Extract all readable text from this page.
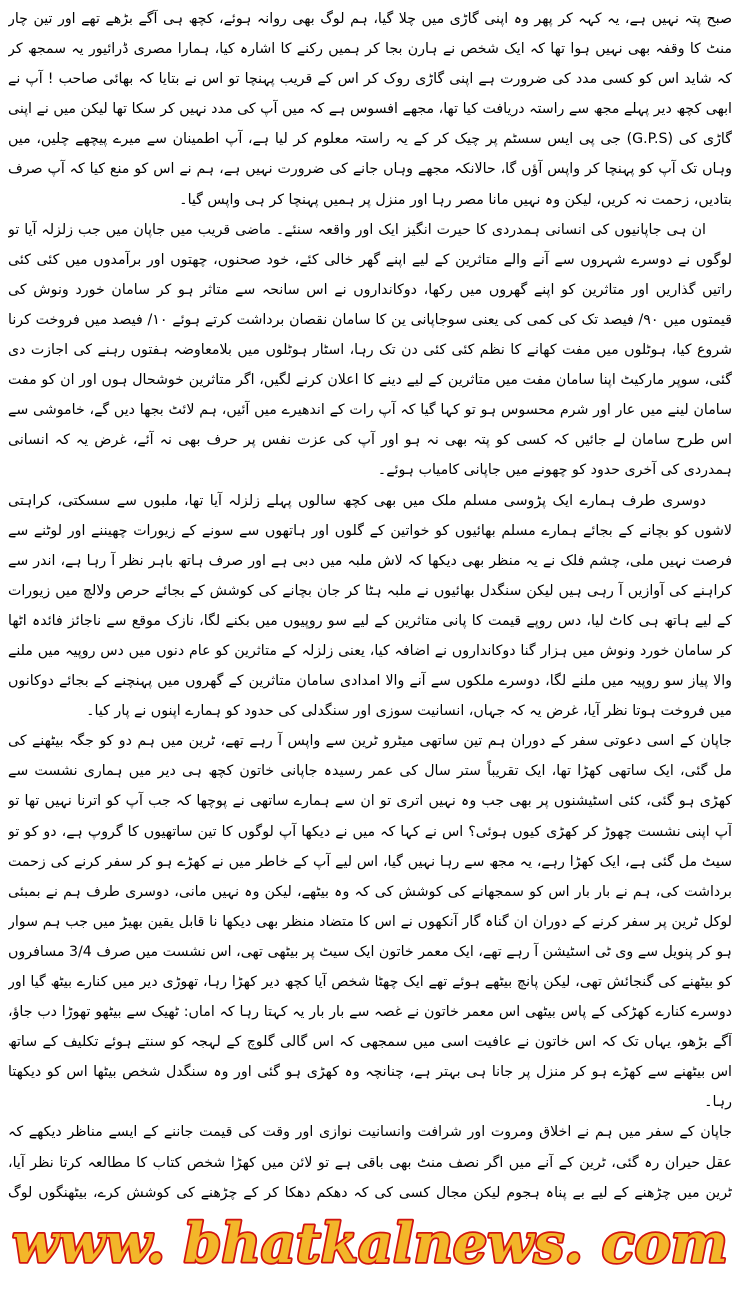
صبح پتہ نہیں ہے، یہ کہہ کر پھر وہ اپنی گاڑی میں چلا گیا، ہم لوگ بھی روانہ ہوئے، کچھ ہی آگے بڑھے تھے اور تین چار منٹ کا وقفہ بھی نہیں ہوا تھا کہ ایک شخص نے ہارن بجا کر ہمیں رکنے کا اشارہ کیا، ہمارا مصری ڈرائیور یہ سمجھ کر کہ شاید اس کو کسی مدد کی ضرورت ہے اپنی گاڑی روک کر اس کے قریب پہنچا تو اس نے بتایا کہ بھائی صاحب ! آپ نے ابھی کچھ دیر پہلے مجھ سے راستہ دریافت کیا تھا، مجھے افسوس ہے کہ میں آپ کی مدد نہیں کر سکا تھا لیکن میں نے اپنی گاڑی کی (G.P.S) جی پی ایس سسٹم پر چیک کر کے یہ راستہ معلوم کر لیا ہے، آپ اطمینان سے میرے پیچھے چلیں، میں وہاں تک آپ کو پہنچا کر واپس آؤں گا، حالانکہ مجھے وہاں جانے کی ضرورت نہیں ہے، ہم نے اس کو منع کیا کہ آپ صرف بتادیں، زحمت نہ کریں، لیکن وہ نہیں مانا مصر رہا اور منزل پر ہمیں پہنچا کر ہی واپس گیا۔

ان ہی جاپانیوں کی انسانی ہمدردی کا حیرت انگیز ایک اور واقعہ سنئے۔ ماضی قریب میں جاپان میں جب زلزلہ آیا تو لوگوں نے دوسرے شہروں سے آنے والے متاثرین کے لیے اپنے گھر خالی کئے، خود صحنوں، چھتوں اور برآمدوں میں کئی کئی راتیں گذاریں اور متاثرین کو اپنے گھروں میں رکھا، دوکانداروں نے اس سانحہ سے متاثر ہو کر سامان خورد ونوش کی قیمتوں میں ۹۰/ فیصد تک کی کمی کی یعنی سوجاپانی ین کا سامان نقصان برداشت کرتے ہوئے ۱۰/ فیصد میں فروخت کرنا شروع کیا، ہوٹلوں میں مفت کھانے کا نظم کئی کئی دن تک رہا، اسٹار ہوٹلوں میں بلامعاوضہ ہفتوں رہنے کی اجازت دی گئی، سوپر مارکیٹ اپنا سامان مفت میں متاثرین کے لیے دینے کا اعلان کرنے لگیں، اگر متاثرین خوشحال ہوں اور ان کو مفت سامان لینے میں عار اور شرم محسوس ہو تو کہا گیا کہ آپ رات کے اندھیرے میں آئیں، ہم لائٹ بجھا دیں گے، خاموشی سے اس طرح سامان لے جائیں کہ کسی کو پتہ بھی نہ ہو اور آپ کی عزت نفس پر حرف بھی نہ آئے، غرض یہ کہ انسانی ہمدردی کی آخری حدود کو چھونے میں جاپانی کامیاب ہوئے۔

دوسری طرف ہمارے ایک پڑوسی مسلم ملک میں بھی کچھ سالوں پہلے زلزلہ آیا تھا، ملبوں سے سسکتی، کراہتی لاشوں کو بچانے کے بجائے ہمارے مسلم بھائیوں کو خواتین کے گلوں اور ہاتھوں سے سونے کے زیورات چھیننے اور لوٹنے سے فرصت نہیں ملی، چشم فلک نے یہ منظر بھی دیکھا کہ لاش ملبہ میں دبی ہے اور صرف ہاتھ باہر نظر آ رہا ہے، اندر سے کراہنے کی آوازیں آ رہی ہیں لیکن سنگدل بھائیوں نے ملبہ ہٹا کر جان بچانے کی کوشش کے بجائے حرص ولالچ میں زیورات کے لیے ہاتھ ہی کاٹ لیا، دس روپے قیمت کا پانی متاثرین کے لیے سو روپیوں میں بکنے لگا، نازک موقع سے ناجائز فائدہ اٹھا کر سامان خورد ونوش میں ہزار گنا دوکانداروں نے اضافہ کیا، یعنی زلزلہ کے متاثرین کو عام دنوں میں دس روپیہ میں ملنے والا پیاز سو روپیہ میں ملنے لگا، دوسرے ملکوں سے آنے والا امدادی سامان متاثرین کے گھروں میں پہنچنے کے بجائے دوکانوں میں فروخت ہوتا نظر آیا، غرض یہ کہ جہاں، انسانیت سوزی اور سنگدلی کی حدود کو ہمارے اپنوں نے پار کیا۔

جاپان کے اسی دعوتی سفر کے دوران ہم تین ساتھی میٹرو ٹرین سے واپس آ رہے تھے، ٹرین میں ہم دو کو جگہ بیٹھنے کی مل گئی، ایک ساتھی کھڑا تھا، ایک تقریباً ستر سال کی عمر رسیدہ جاپانی خاتون کچھ ہی دیر میں ہماری نشست سے کھڑی ہو گئی، کئی اسٹیشنوں پر بھی جب وہ نہیں اتری تو ان سے ہمارے ساتھی نے پوچھا کہ جب آپ کو اترنا نہیں تھا تو آپ اپنی نشست چھوڑ کر کھڑی کیوں ہوئی؟ اس نے کہا کہ میں نے دیکھا آپ لوگوں کا تین ساتھیوں کا گروپ ہے، دو کو تو سیٹ مل گئی ہے، ایک کھڑا رہے، یہ مجھ سے رہا نہیں گیا، اس لیے آپ کے خاطر میں نے کھڑے ہو کر سفر کرنے کی زحمت برداشت کی، ہم نے بار بار اس کو سمجھانے کی کوشش کی کہ وہ بیٹھے، لیکن وہ نہیں مانی، دوسری طرف ہم نے بمبئی لوکل ٹرین پر سفر کرنے کے دوران ان گناہ گار آنکھوں نے اس کا متضاد منظر بھی دیکھا نا قابل یقین بھیڑ میں جب ہم سوار ہو کر پنویل سے وی ٹی اسٹیشن آ رہے تھے، ایک معمر خاتون ایک سیٹ پر بیٹھی تھی، اس نشست میں صرف 3/4 مسافروں کو بیٹھنے کی گنجائش تھی، لیکن پانچ بیٹھے ہوئے تھے ایک چھٹا شخص آیا کچھ دیر کھڑا رہا، تھوڑی دیر میں کنارے بیٹھ گیا اور دوسرے کنارے کھڑکی کے پاس بیٹھی اس معمر خاتون نے غصہ سے بار بار یہ کہتا رہا کہ اماں: ٹھیک سے بیٹھو تھوڑا دب جاؤ، آگے بڑھو، یہاں تک کہ اس خاتون نے عافیت اسی میں سمجھی کہ اس گالی گلوچ کے لہجہ کو سنتے ہوئے تکلیف کے ساتھ اس بیٹھنے سے کھڑے ہو کر منزل پر جانا ہی بہتر ہے، چنانچہ وہ کھڑی ہو گئی اور وہ سنگدل شخص بیٹھا اس کو دیکھتا رہا۔

جاپان کے سفر میں ہم نے اخلاق ومروت اور شرافت وانسانیت نوازی اور وقت کی قیمت جاننے کے ایسے مناظر دیکھے کہ عقل حیران رہ گئی، ٹرین کے آنے میں اگر نصف منٹ بھی باقی ہے تو لائن میں کھڑا شخص کتاب کا مطالعہ کرتا نظر آیا، ٹرین میں چڑھنے کے لیے بے پناہ ہجوم لیکن مجال کسی کی کہ دھکم دھکا کر کے چڑھنے کی کوشش کرے، بیٹھنگوں لوگ

www. bhatkalnews. com
